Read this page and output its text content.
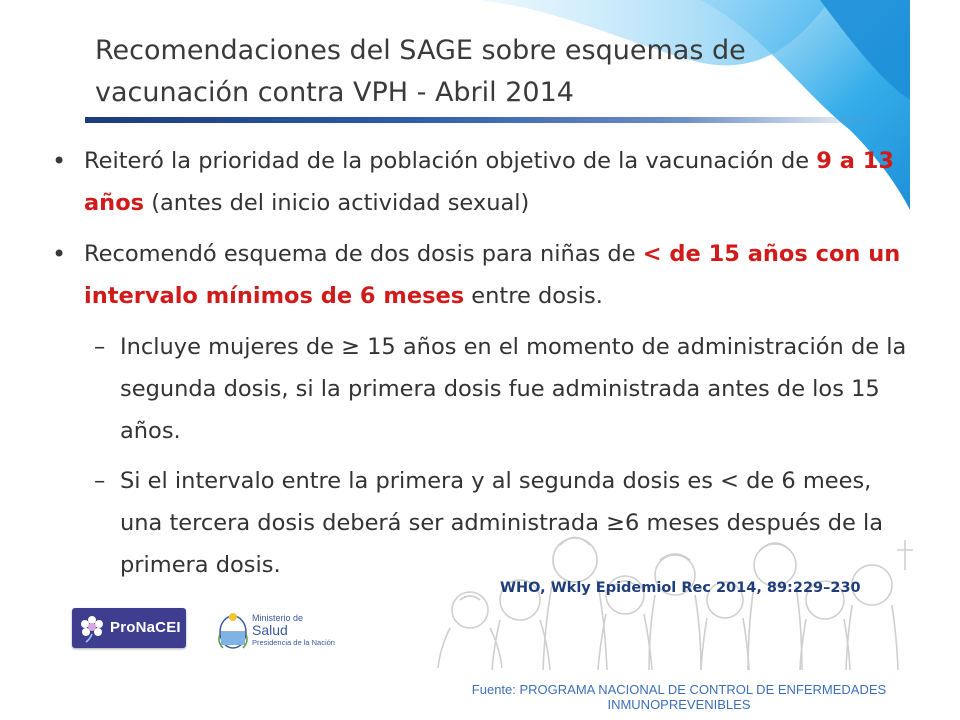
Recomendaciones del SAGE sobre esquemas de
vacunación contra VPH - Abril 2014
• Reiteró la prioridad de la población objetivo de la vacunación de 9 a 13 años (antes del inicio actividad sexual)
• Recomendó esquema de dos dosis para niñas de < de 15 años con un intervalo mínimos de 6 meses entre dosis.
– Incluye mujeres de ≥ 15 años en el momento de administración de la segunda dosis, si la primera dosis fue administrada antes de los 15 años.
– Si el intervalo entre la primera y al segunda dosis es < de 6 mees, una tercera dosis deberá ser administrada ≥6 meses después de la primera dosis.
WHO, Wkly Epidemiol Rec 2014, 89:229–230
ProNaCEI
Ministerio de
Salud
Presidencia de la Nación
Fuente: PROGRAMA NACIONAL DE CONTROL DE ENFERMEDADES
INMUNOPREVENIBLES
